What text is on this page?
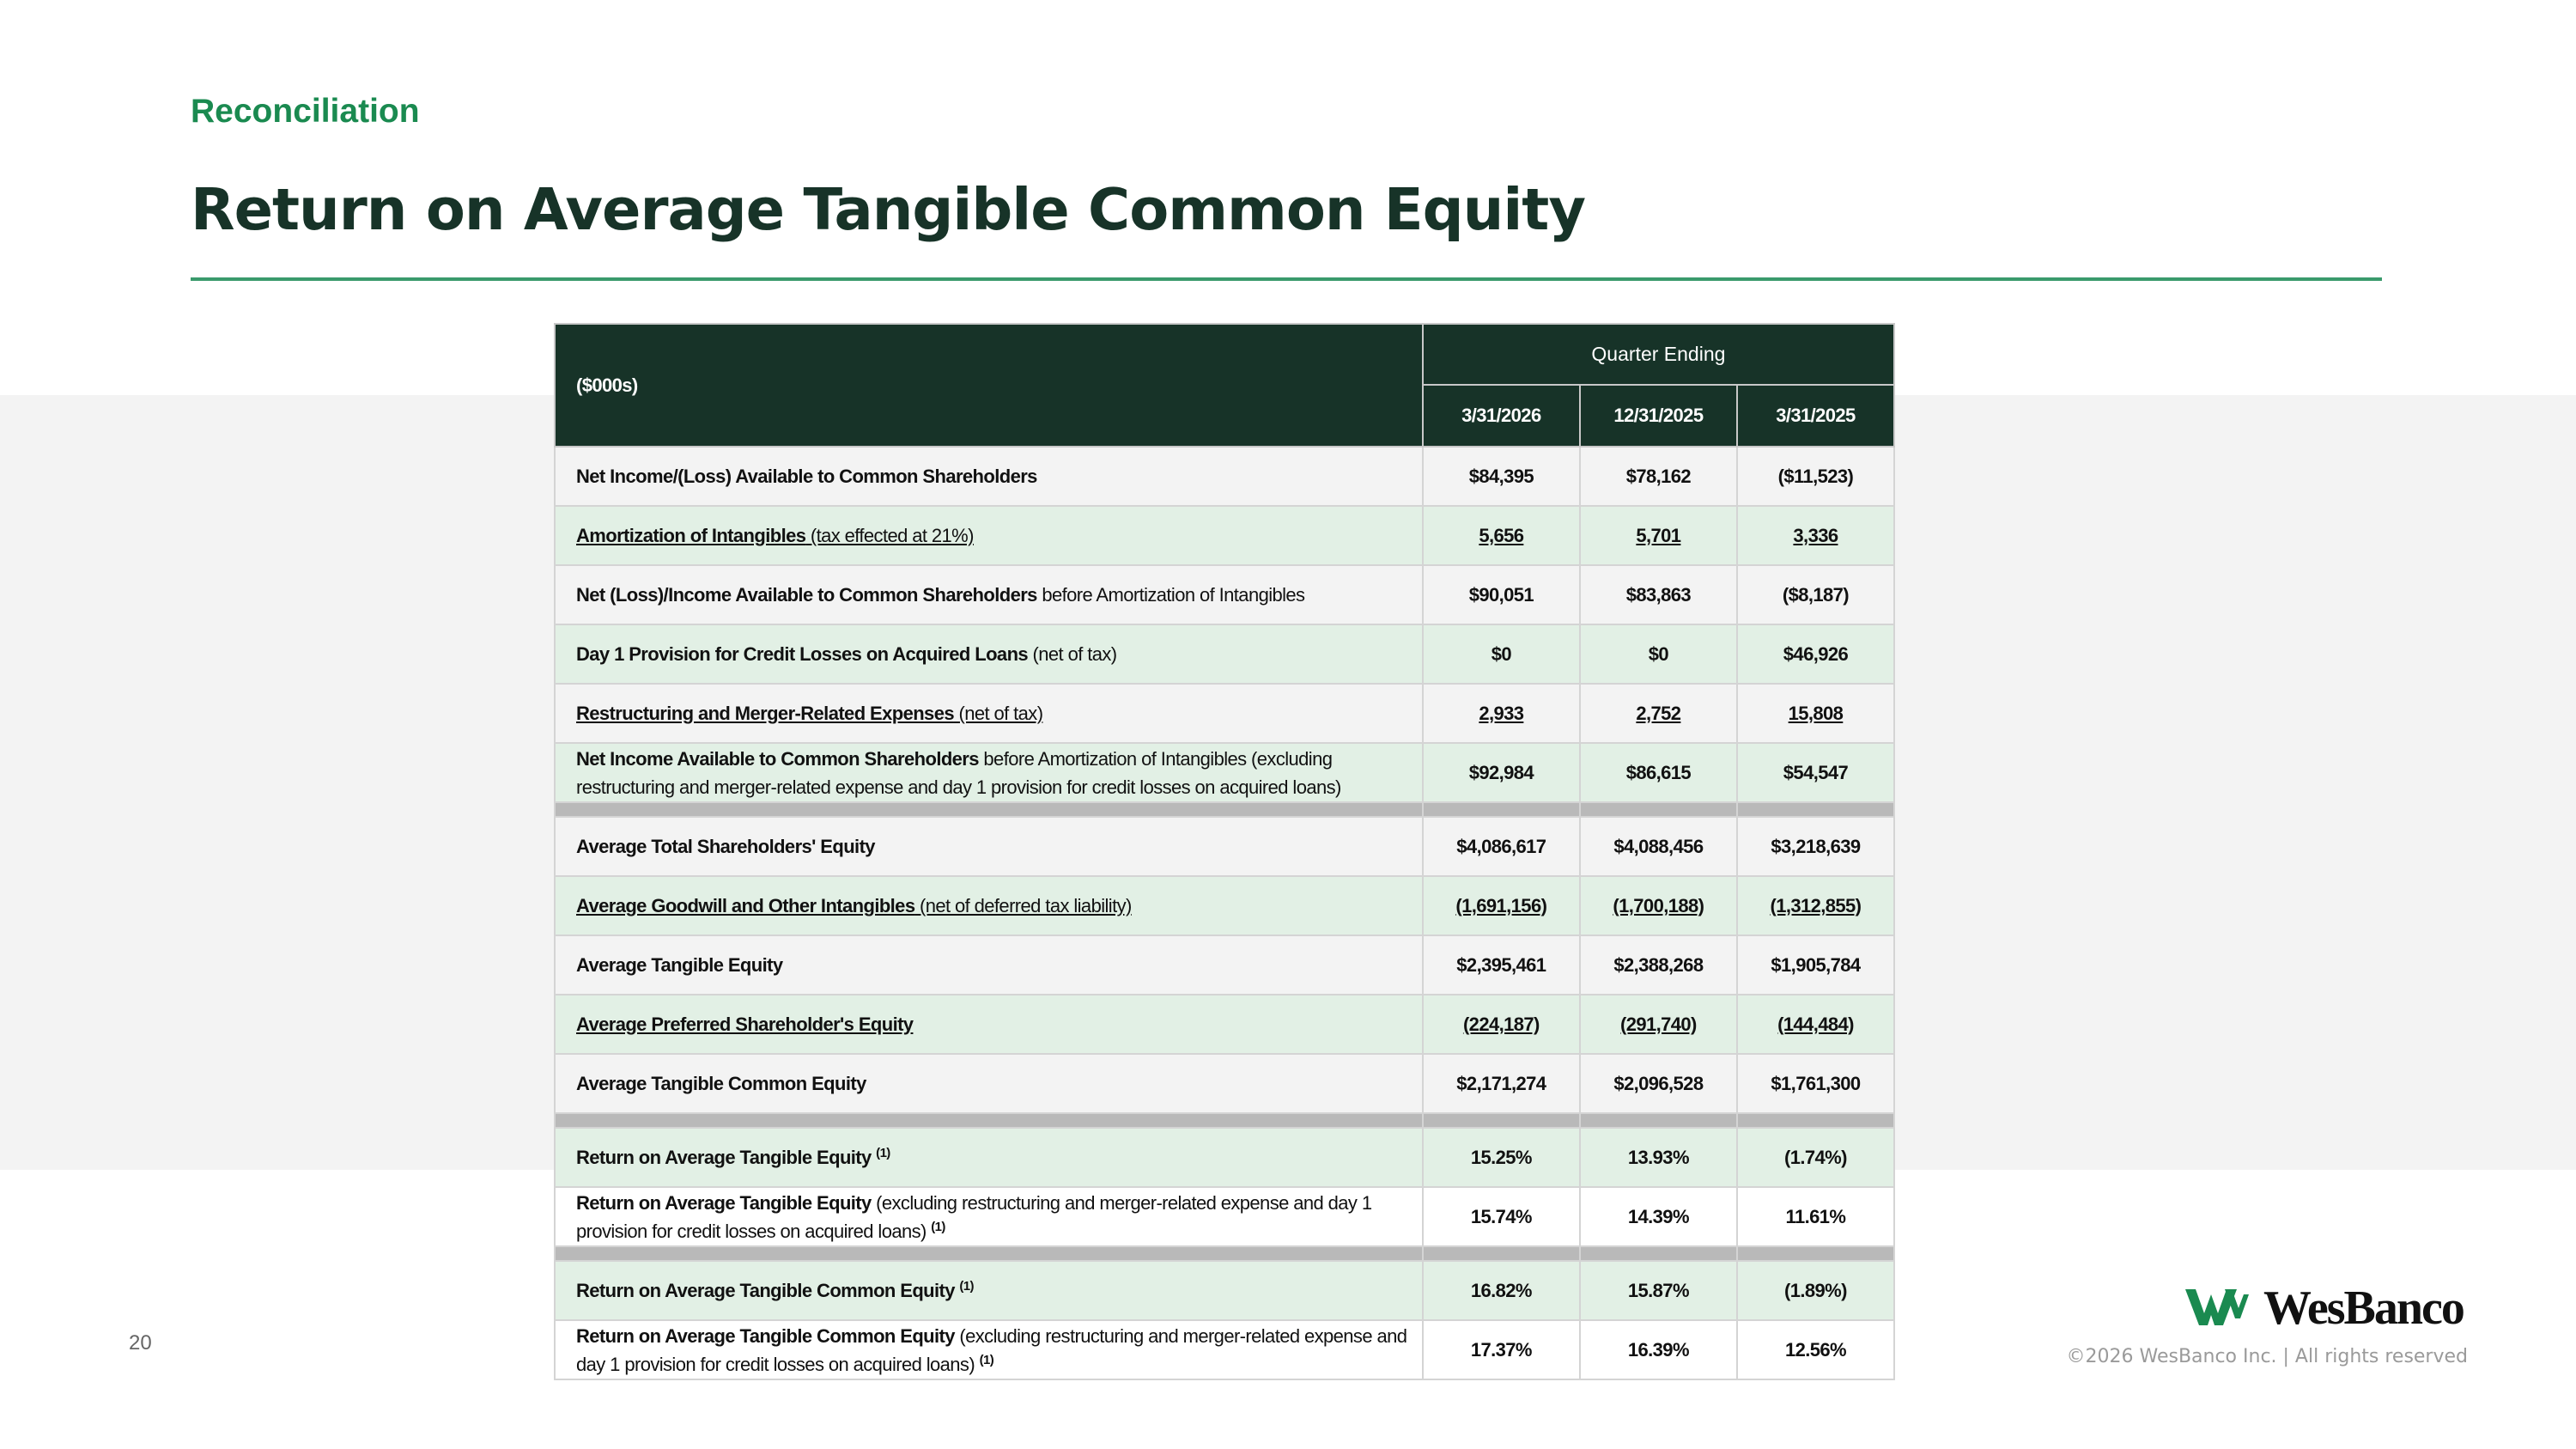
Reconciliation
Return on Average Tangible Common Equity
($000s)	Quarter Ending		
	3/31/2026	12/31/2025	3/31/2025
Net Income/(Loss) Available to Common Shareholders	$84,395	$78,162	($11,523)
Amortization of Intangibles (tax effected at 21%)	5,656	5,701	3,336
Net (Loss)/Income Available to Common Shareholders before Amortization of Intangibles	$90,051	$83,863	($8,187)
Day 1 Provision for Credit Losses on Acquired Loans (net of tax)	$0	$0	$46,926
Restructuring and Merger-Related Expenses (net of tax)	2,933	2,752	15,808
Net Income Available to Common Shareholders before Amortization of Intangibles (excluding restructuring and merger-related expense and day 1 provision for credit losses on acquired loans)	$92,984	$86,615	$54,547

Average Total Shareholders' Equity	$4,086,617	$4,088,456	$3,218,639
Average Goodwill and Other Intangibles (net of deferred tax liability)	(1,691,156)	(1,700,188)	(1,312,855)
Average Tangible Equity	$2,395,461	$2,388,268	$1,905,784
Average Preferred Shareholder's Equity	(224,187)	(291,740)	(144,484)
Average Tangible Common Equity	$2,171,274	$2,096,528	$1,761,300

Return on Average Tangible Equity $^{(1)}$	15.25%	13.93%	(1.74%)
Return on Average Tangible Equity (excluding restructuring and merger-related expense and day 1 provision for credit losses on acquired loans) $^{(1)}$	15.74%	14.39%	11.61%

Return on Average Tangible Common Equity $^{(1)}$	16.82%	15.87%	(1.89%)
Return on Average Tangible Common Equity (excluding restructuring and merger-related expense and day 1 provision for credit losses on acquired loans) $^{(1)}$	17.37%	16.39%	12.56%
20
WesBanco
©2026 WesBanco Inc. | All rights reserved
